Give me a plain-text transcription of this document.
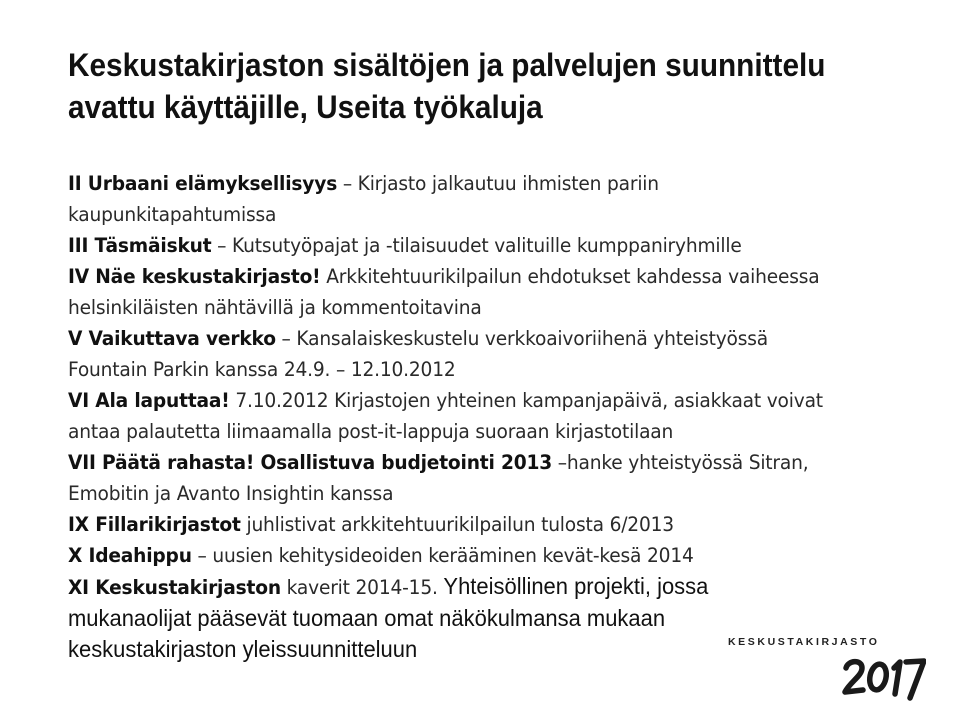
Keskustakirjaston sisältöjen ja palvelujen suunnittelu
avattu käyttäjille, Useita työkaluja
II Urbaani elämyksellisyys – Kirjasto jalkautuu ihmisten pariin
kaupunkitapahtumissa
III Täsmäiskut – Kutsutyöpajat ja -tilaisuudet valituille kumppaniryhmille
IV Näe keskustakirjasto! Arkkitehtuurikilpailun ehdotukset kahdessa vaiheessa
helsinkiläisten nähtävillä ja kommentoitavina
V Vaikuttava verkko – Kansalaiskeskustelu verkkoaivoriihenä yhteistyössä
Fountain Parkin kanssa 24.9. – 12.10.2012
VI Ala laputtaa! 7.10.2012 Kirjastojen yhteinen kampanjapäivä, asiakkaat voivat
antaa palautetta liimaamalla post-it-lappuja suoraan kirjastotilaan
VII Päätä rahasta! Osallistuva budjetointi 2013 –hanke yhteistyössä Sitran,
Emobitin ja Avanto Insightin kanssa
IX Fillarikirjastot juhlistivat arkkitehtuurikilpailun tulosta 6/2013
X Ideahippu – uusien kehitysideoiden kerääminen kevät-kesä 2014
XI Keskustakirjaston kaverit 2014-15. Yhteisöllinen projekti, jossa
mukanaolijat pääsevät tuomaan omat näkökulmansa mukaan
keskustakirjaston yleissuunnitteluun	KESKUSTAKIRJASTO
